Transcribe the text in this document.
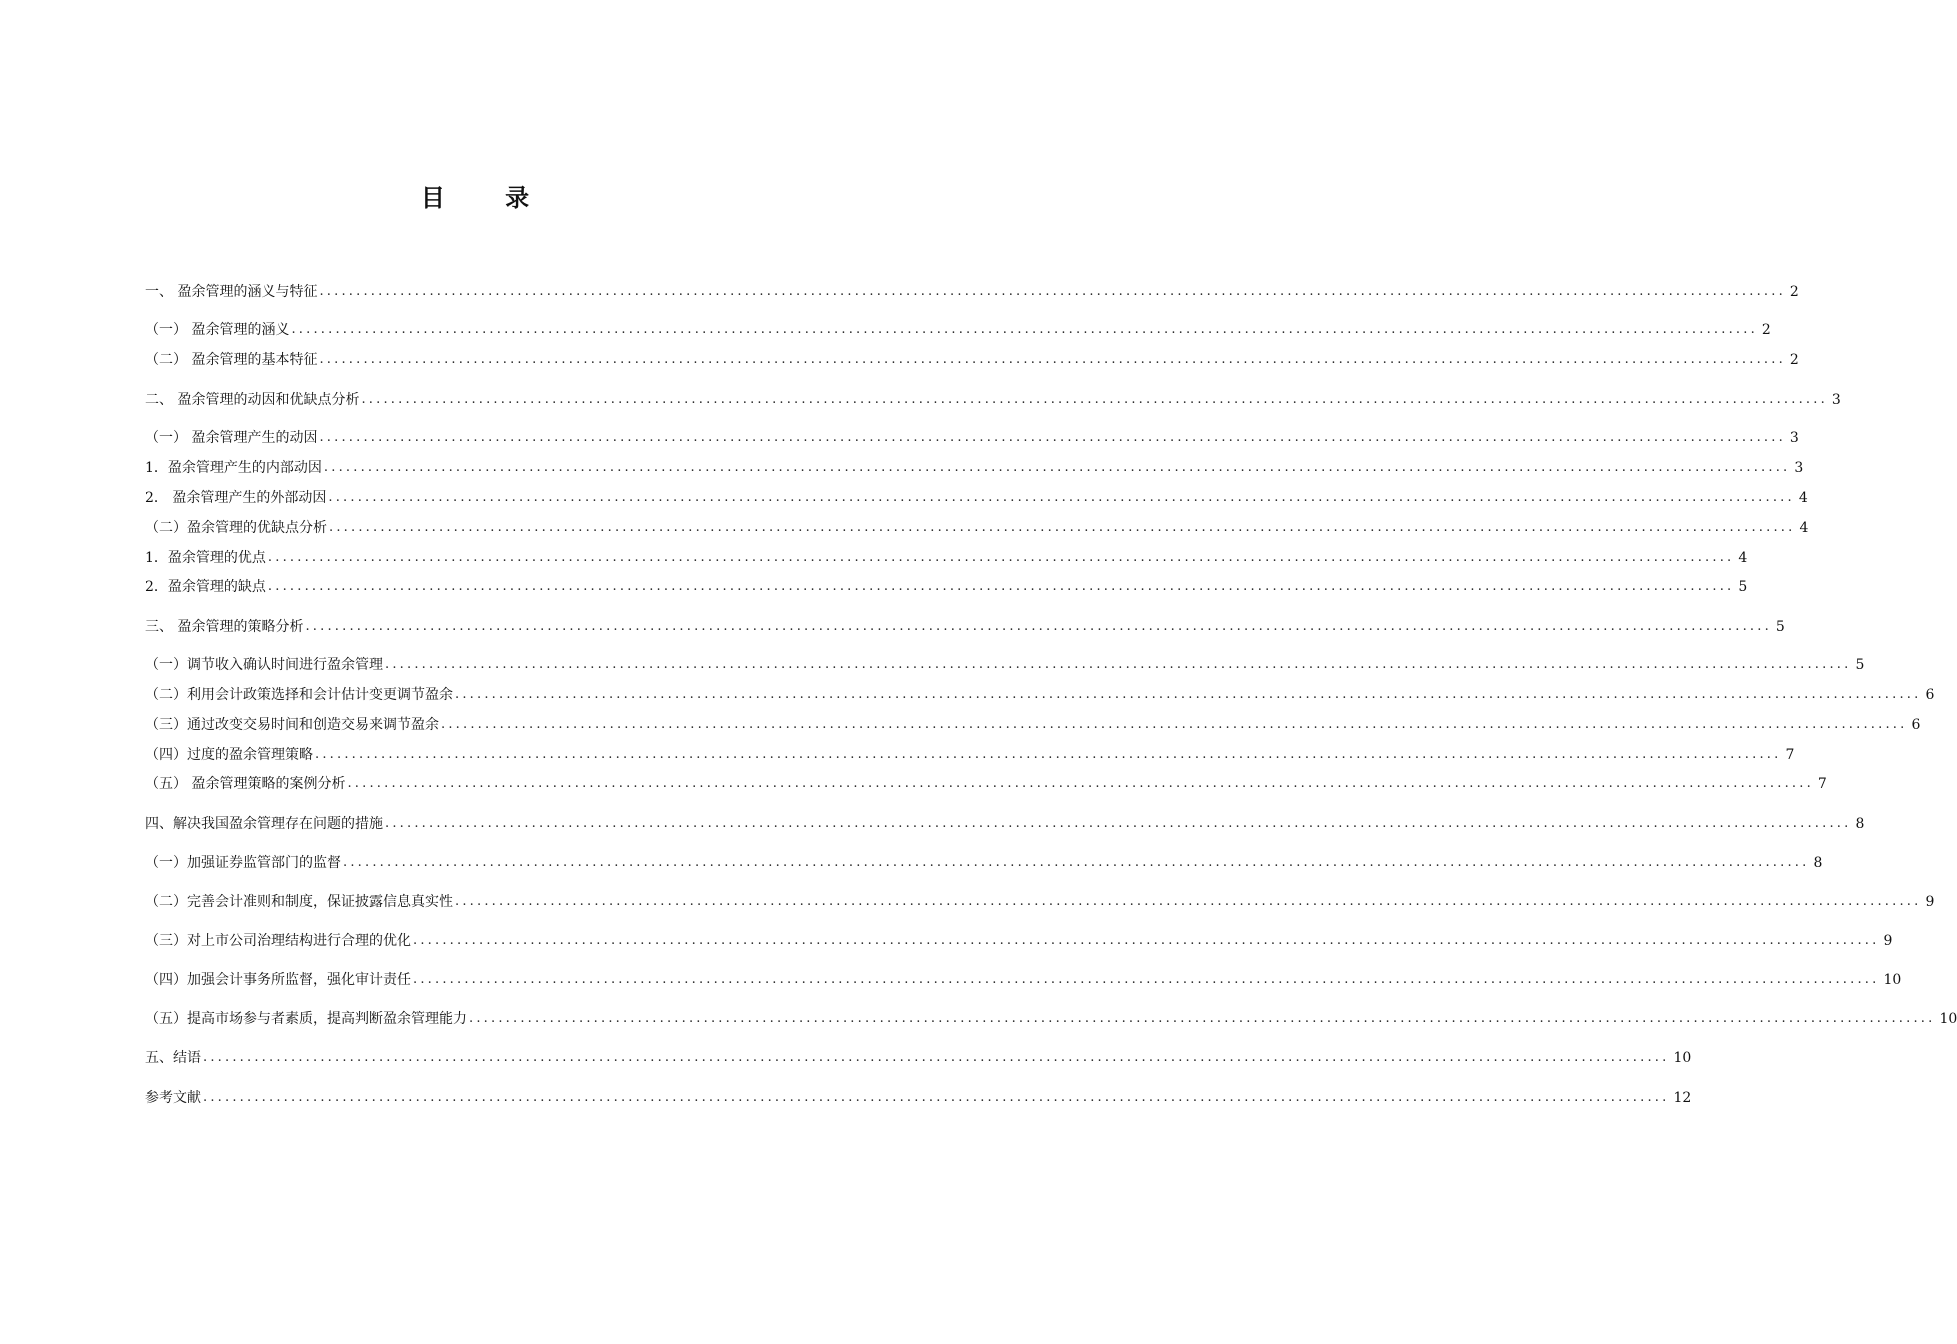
目 录
一、 盈余管理的涵义与特征 ........................................................................................................................................................................................................ 2
（一） 盈余管理的涵义 ........................................................................................................................................................................................................ 2
（二） 盈余管理的基本特征 ........................................................................................................................................................................................................ 2
二、 盈余管理的动因和优缺点分析 ........................................................................................................................................................................................................ 3
（一） 盈余管理产生的动因 ........................................................................................................................................................................................................ 3
1．盈余管理产生的内部动因 ........................................................................................................................................................................................................ 3
2． 盈余管理产生的外部动因 ........................................................................................................................................................................................................ 4
（二）盈余管理的优缺点分析 ........................................................................................................................................................................................................ 4
1．盈余管理的优点 ........................................................................................................................................................................................................ 4
2．盈余管理的缺点 ........................................................................................................................................................................................................ 5
三、 盈余管理的策略分析 ........................................................................................................................................................................................................ 5
（一）调节收入确认时间进行盈余管理 ........................................................................................................................................................................................................ 5
（二）利用会计政策选择和会计估计变更调节盈余 ........................................................................................................................................................................................................ 6
（三）通过改变交易时间和创造交易来调节盈余 ........................................................................................................................................................................................................ 6
（四）过度的盈余管理策略 ........................................................................................................................................................................................................ 7
（五） 盈余管理策略的案例分析 ........................................................................................................................................................................................................ 7
四、解决我国盈余管理存在问题的措施 ........................................................................................................................................................................................................ 8
（一）加强证券监管部门的监督 ........................................................................................................................................................................................................ 8
（二）完善会计准则和制度，保证披露信息真实性 ........................................................................................................................................................................................................ 9
（三）对上市公司治理结构进行合理的优化 ........................................................................................................................................................................................................ 9
（四）加强会计事务所监督，强化审计责任 ........................................................................................................................................................................................................ 10
（五）提高市场参与者素质，提高判断盈余管理能力 ........................................................................................................................................................................................................ 10
五、结语 ........................................................................................................................................................................................................ 10
参考文献 ........................................................................................................................................................................................................ 12
